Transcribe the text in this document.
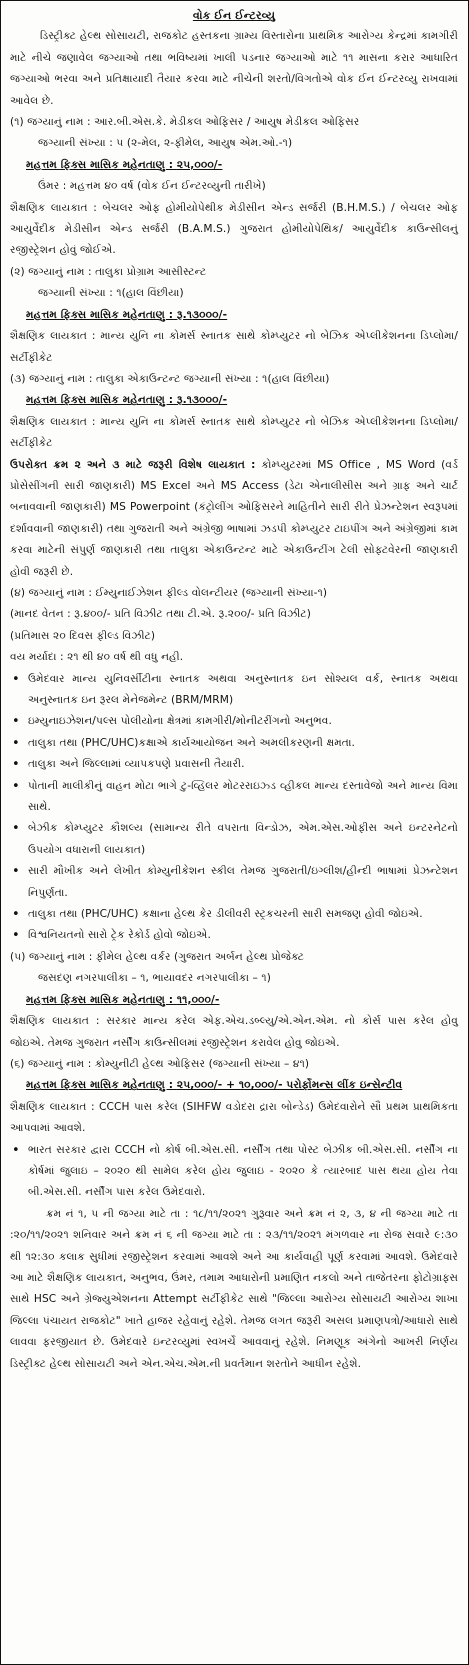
વોક ઈન ઈન્ટરવ્યુ

ડિસ્ટ્રીક્ટ હેલ્થ સોસાયટી, રાજકોટ હસ્તકના ગ્રામ્ય વિસ્તારોના પ્રાથમિક આરોગ્ય કેન્દ્રમાં કામગીરી માટે નીચે જણાવેલ જગ્યાઓ તથા ભવિષ્યમાં ખાલી પડનાર જગ્યાઓ માટે ૧૧ માસના કરાર આધારિત જગ્યાઓ ભરવા અને પ્રતિક્ષાયાદી તૈયાર કરવા માટે નીચેની શરતો/વિગતોએ વોક ઈન ઈન્ટરવ્યુ રાખવામાં આવેલ છે.

(૧) જગ્યાનું નામ : આર.બી.એસ.કે. મેડીકલ ઓફિસર / આયુષ મેડીકલ ઓફિસર

જગ્યાની સંખ્યા : ૫ (૨-મેલ, ૨-ફીમેલ, આયુષ એમ.ઓ.-૧)

મહત્તમ ફિક્સ માસિક મહેનતાણુ : ૨૫,૦૦૦/-

ઉંમર : મહત્તમ ૪૦ વર્ષ (વોક ઈન ઈન્ટરવ્યુની તારીખે)

શૈક્ષણિક લાયકાત : બેચલર ઓફ હોમીયોપેથીક મેડીસીન એન્ડ સર્જરી (B.H.M.S.) / બેચલર ઓફ આયુર્વેદીક મેડીસીન એન્ડ સર્જરી (B.A.M.S.) ગુજરાત હોમીયોપેથિક/ આયુર્વેદીક કાઉન્સીલનું રજીસ્ટ્રેશન હોવું જોઈએ.

(૨) જગ્યાનું નામ : તાલુકા પ્રોગ્રામ આસીસ્ટન્ટ

જગ્યાની સંખ્યા : ૧(હાલ વિંછીયા)

મહત્તમ ફિક્સ માસિક મહેનતાણુ : રૂ.૧૩૦૦૦/-

શૈક્ષણિક લાયકાત : માન્ય યુનિ ના કોમર્સ સ્નાતક સાથે કોમ્પ્યુટર નો બેઝિક એપ્લીકેશનના ડિપ્લોમા/સર્ટીફીકેટ

(૩) જગ્યાનું નામ : તાલુકા એકાઉન્ટન્ટ જગ્યાની સંખ્યા : ૧(હાલ વિંછીયા)

મહત્તમ ફિક્સ માસિક મહેનતાણુ : રૂ.૧૩૦૦૦/-

શૈક્ષણિક લાયકાત : માન્ય યુનિ ના કોમર્સ સ્નાતક સાથે કોમ્પ્યુટર નો બેઝિક એપ્લીકેશનના ડિપ્લોમા/સર્ટીફીકેટ

ઉપરોક્ત ક્રમ ૨ અને ૩ માટે જરૂરી વિશેષ લાયકાત : કોમ્પ્યુટરમાં MS Office , MS Word (વર્ડ પ્રોસેસીંગની સારી જાણકારી) MS Excel અને MS Access (ડેટા એનાલીસીસ અને ગ્રાફ અને ચાર્ટ બનાવવાની જાણકારી) MS Powerpoint (કંટ્રોલીંગ ઓફિસરને માહિતીને સારી રીતે પ્રેઝન્ટેશન સ્વરૂપમાં દર્શાવવાની જાણકારી) તથા ગુજરાતી અને અંગ્રેજી ભાષામાં ઝડપી કોમ્પ્યુટર ટાઇપીંગ અને અંગ્રેજીમાં કામ કરવા માટેની સંપુર્ણ જાણકારી તથા તાલુકા એકાઉન્ટન્ટ માટે એકાઉન્ટીંગ ટેલી સોફ્ટવેરની જાણકારી હોવી જરૂરી છે.

(૪) જગ્યાનું નામ : ઈમ્યુનાઈઝેશન ફીલ્ડ વોલન્ટીયર (જગ્યાની સંખ્યા-૧)

(માનદ વેતન : રૂ.૪૦૦/- પ્રતિ વિઝીટ તથા ટી.એ. રૂ.૨૦૦/- પ્રતિ વિઝીટ)

(પ્રતિમાસ ૨૦ દિવસ ફીલ્ડ વિઝીટ)

વય મર્યાદા : ૨૧ થી ૪૦ વર્ષ થી વધુ નહી.

• ઉમેદવાર માન્ય યુનિવર્સીટીના સ્નાતક અથવા અનુસ્નાતક ઇન સોશ્યલ વર્ક, સ્નાતક અથવા અનુસ્નાતક ઇન રૂરલ મેનેજમેન્ટ (BRM/MRM)
• ઇમ્યુનાઇઝેશન/પલ્સ પોલીયોના ક્ષેત્રમાં કામગીરી/મોનીટરીંગનો અનુભવ.
• તાલુકા તથા (PHC/UHC)કક્ષાએ કાર્યઆયોજન અને અમલીકરણની ક્ષમતા.
• તાલુકા અને જિલ્લામાં વ્યાપકપણે પ્રવાસની તૈયારી.
• પોતાની માલીકીનું વાહન મોટા ભાગે ટુ-વ્હિલર મોટરરાઇઝ્ડ વ્હીકલ માન્ય દસ્તાવેજો અને માન્ય વિમા સાથે.
• બેઝીક કોમ્પ્યુટર કૌશલ્ય (સામાન્ય રીતે વપરાતા વિન્ડોઝ, એમ.એસ.ઓફીસ અને ઇન્ટરનેટનો ઉપયોગ વધારાની લાયકાત)
• સારી મૌખીક અને લેખીત કોમ્યુનીકેશન સ્કીલ તેમજ ગુજરાતી/ઇગ્લીશ/હીન્દી ભાષામાં પ્રેઝન્ટેશન નિપુર્ણતા.
• તાલુકા તથા (PHC/UHC) કક્ષાના હેલ્થ કેર ડીલીવરી સ્ટ્રકચરની સારી સમજણ હોવી જોઇએ.
• વિશ્વનિયતનો સારો ટ્રેક રેકોર્ડ હોવો જોઇએ.

(૫) જગ્યાનું નામ : ફીમેલ હેલ્થ વર્કર (ગુજરાત અર્બન હેલ્થ પ્રોજેક્ટ

જસદણ નગરપાલીકા – ૧, ભાયાવદર નગરપાલીકા – ૧)

મહત્તમ ફિક્સ માસિક મહેનતાણુ : ૧૧,૦૦૦/-

શૈક્ષણિક લાયકાત : સરકાર માન્ય કરેલ એફ.એચ.ડબ્લ્યુ/એ.એન.એમ. નો કોર્સ પાસ કરેલ હોવુ જોઇએ. તેમજ ગુજરાત નર્સીંગ કાઉન્સીલમાં રજીસ્ટ્રેશન કરાવેલ હોવુ જોઇએ.

(૬) જગ્યાનું નામ : કોમ્યુનીટી હેલ્થ ઓફિસર (જગ્યાની સંખ્યા – ૪૧)

મહત્તમ ફિક્સ માસિક મહેનતાણુ : ૨૫,૦૦૦/- + ૧૦,૦૦૦/- પરોર્ફોમન્સ લીંક ઇન્સેન્ટીવ

શૈક્ષણિક લાયકાત : CCCH પાસ કરેલ (SIHFW વડોદરા દ્રારા બોન્ડેડ) ઉમેદવારોને સૌ પ્રથમ પ્રાથમિકતા આપવામાં આવશે.

• ભારત સરકાર દ્વારા CCCH નો કોર્ષ બી.એસ.સી. નર્સીંગ તથા પોસ્ટ બેઝીક બી.એસ.સી. નર્સીંગ ના કોર્ષમાં જુલાઇ – ૨૦૨૦ થી સામેલ કરેલ હોય જુલાઇ - ૨૦૨૦ કે ત્યારબાદ પાસ થયા હોય તેવા બી.એસ.સી. નર્સીંગ પાસ કરેલ ઉમેદવારો.

ક્રમ નં ૧, ૫ ની જગ્યા માટે તા : ૧૮/૧૧/૨૦૨૧ ગુરૂવાર અને ક્રમ નં ૨, ૩, ૪ ની જગ્યા માટે તા :૨૦/૧૧/૨૦૨૧ શનિવાર અને ક્રમ નં ૬ ની જગ્યા માટે તા : ૨૩/૧૧/૨૦૨૧ મંગળવાર ના રોજ સવારે ૯:૩૦ થી ૧૨:૩૦ કલાક સુધીમાં રજીસ્ટ્રેશન કરવામાં આવશે અને આ કાર્યવાહી પૂર્ણ કરવામાં આવશે. ઉમેદવારે આ માટે શૈક્ષણિક લાયકાત, અનુભવ, ઉંમર, તમામ આધારોની પ્રમાણિત નકલો અને તાજેતરના ફોટોગ્રાફ્સ સાથે HSC અને ગ્રેજ્યુએશનના Attempt સર્ટીફીકેટ સાથે "જિલ્લા આરોગ્ય સોસાયટી આરોગ્ય શાખા જિલ્લા પંચાયત રાજકોટ" ખાતે હાજર રહેવાનું રહેશે. તેમજ લગત જરૂરી અસલ પ્રમાણપત્રો/આધારો સાથે લાવવા ફરજીયાત છે. ઉમેદવારે ઇન્ટરવ્યુમાં સ્વખર્ચે આવવાનું રહેશે. નિમણૂક અંગેનો આખરી નિર્ણય ડિસ્ટ્રીક્ટ હેલ્થ સોસાયટી અને એન.એચ.એમ.ની પ્રવર્તમાન શરતોને આધીન રહેશે.
